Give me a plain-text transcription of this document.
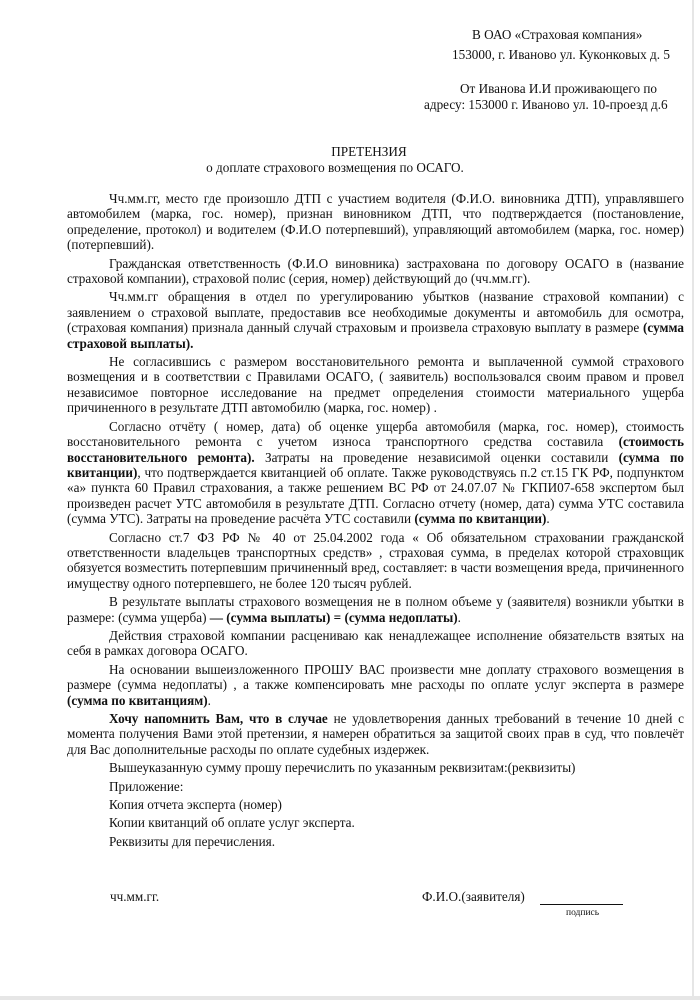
В ОАО «Страховая компания»
153000, г. Иваново ул. Куконковых д. 5
От Иванова И.И проживающего по
адресу: 153000 г. Иваново ул. 10-проезд д.6
ПРЕТЕНЗИЯ
о доплате страхового возмещения по ОСАГО.

Чч.мм.гг, место где произошло ДТП с участием водителя (Ф.И.О. виновника ДТП), управлявшего автомобилем (марка, гос. номер), признан виновником ДТП, что подтверждается (постановление, определение, протокол) и водителем (Ф.И.О потерпевший), управляющий автомобилем (марка, гос. номер) (потерпевший).

Гражданская ответственность (Ф.И.О виновника) застрахована по договору ОСАГО в (название страховой компании), страховой полис (серия, номер) действующий до (чч.мм.гг).

Чч.мм.гг обращения в отдел по урегулированию убытков (название страховой компании) с заявлением о страховой выплате, предоставив все необходимые документы и автомобиль для осмотра,(страховая компания) признала данный случай страховым и произвела страховую выплату в размере (сумма страховой выплаты).

Не согласившись с размером восстановительного ремонта и выплаченной суммой страхового возмещения и в соответствии с Правилами ОСАГО, ( заявитель) воспользовался своим правом и провел независимое повторное исследование на предмет определения стоимости материального ущерба причиненного в результате ДТП автомобилю (марка, гос. номер) .

Согласно отчёту ( номер, дата) об оценке ущерба автомобиля (марка, гос. номер), стоимость восстановительного ремонта с учетом износа транспортного средства составила (стоимость восстановительного ремонта). Затраты на проведение независимой оценки составили (сумма по квитанции), что подтверждается квитанцией об оплате. Также руководствуясь п.2 ст.15 ГК РФ, подпунктом «а» пункта 60 Правил страхования, а также решением ВС РФ от 24.07.07 № ГКПИ07-658 экспертом был произведен расчет УТС автомобиля в результате ДТП. Согласно отчету (номер, дата) сумма УТС составила (сумма УТС). Затраты на проведение расчёта УТС составили (сумма по квитанции).

Согласно ст.7 ФЗ РФ № 40 от 25.04.2002 года « Об обязательном страховании гражданской ответственности владельцев транспортных средств» , страховая сумма, в пределах которой страховщик обязуется возместить потерпевшим причиненный вред, составляет: в части возмещения вреда, причиненного имуществу одного потерпевшего, не более 120 тысяч рублей.

В результате выплаты страхового возмещения не в полном объеме у (заявителя) возникли убытки в размере: (сумма ущерба) — (сумма выплаты) = (сумма недоплаты).

Действия страховой компании расцениваю как ненадлежащее исполнение обязательств взятых на себя в рамках договора ОСАГО.

На основании вышеизложенного ПРОШУ ВАС произвести мне доплату страхового возмещения в размере (сумма недоплаты) , а также компенсировать мне расходы по оплате услуг эксперта в размере (сумма по квитанциям).

Хочу напомнить Вам, что в случае не удовлетворения данных требований в течение 10 дней с момента получения Вами этой претензии, я намерен обратиться за защитой своих прав в суд, что повлечёт для Вас дополнительные расходы по оплате судебных издержек.

Вышеуказанную сумму прошу перечислить по указанным реквизитам:(реквизиты)

Приложение:

Копия отчета эксперта (номер)

Копии квитанций об оплате услуг эксперта.

Реквизиты для перечисления.

чч.мм.гг.	Ф.И.О.(заявителя)
подпись
